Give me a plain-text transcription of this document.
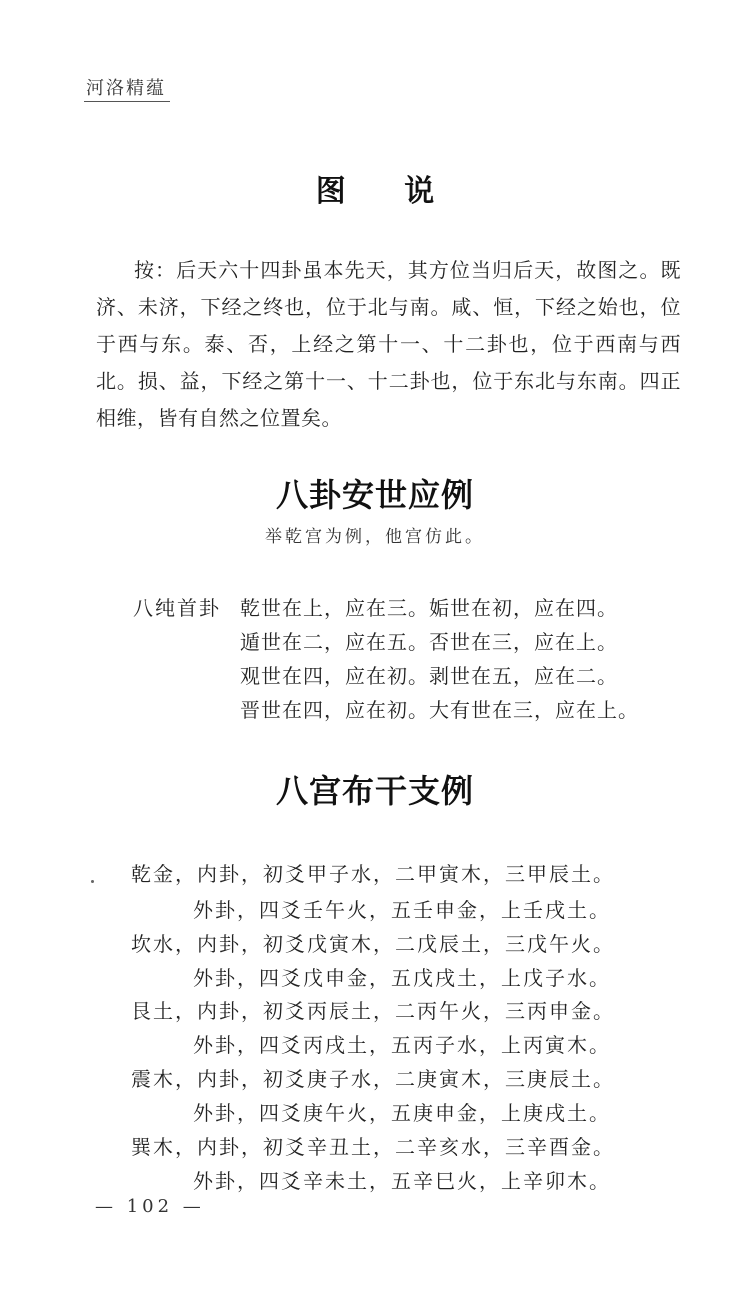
河洛精蕴
图 说
按：后天六十四卦虽本先天，其方位当归后天，故图之。既济、未济，下经之终也，位于北与南。咸、恒，下经之始也，位于西与东。泰、否，上经之第十一、十二卦也，位于西南与西北。损、益，下经之第十一、十二卦也，位于东北与东南。四正相维，皆有自然之位置矣。
八卦安世应例
举乾宫为例，他宫仿此。
八纯首卦 乾世在上，应在三。姤世在初，应在四。
遁世在二，应在五。否世在三，应在上。
观世在四，应在初。剥世在五，应在二。
晋世在四，应在初。大有世在三，应在上。
八宫布干支例
乾金，内卦，初爻甲子水，二甲寅木，三甲辰土。
外卦，四爻壬午火，五壬申金，上壬戌土。
坎水，内卦，初爻戊寅木，二戊辰土，三戊午火。
外卦，四爻戊申金，五戊戌土，上戊子水。
艮土，内卦，初爻丙辰土，二丙午火，三丙申金。
外卦，四爻丙戌土，五丙子水，上丙寅木。
震木，内卦，初爻庚子水，二庚寅木，三庚辰土。
外卦，四爻庚午火，五庚申金，上庚戌土。
巽木，内卦，初爻辛丑土，二辛亥水，三辛酉金。
外卦，四爻辛未土，五辛巳火，上辛卯木。
— 102 —
